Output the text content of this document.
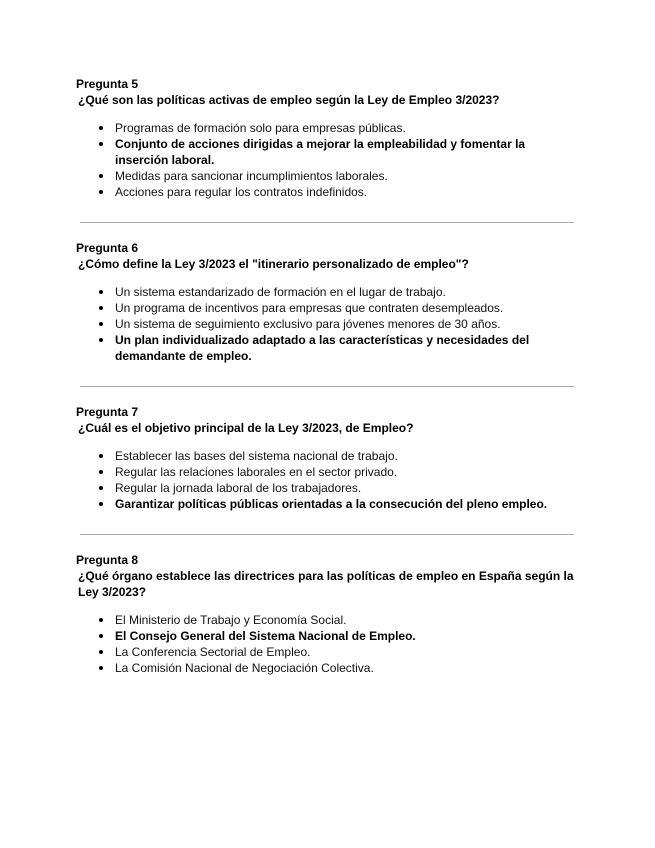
Pregunta 5
¿Qué son las políticas activas de empleo según la Ley de Empleo 3/2023?
Programas de formación solo para empresas públicas.
Conjunto de acciones dirigidas a mejorar la empleabilidad y fomentar la inserción laboral.
Medidas para sancionar incumplimientos laborales.
Acciones para regular los contratos indefinidos.
Pregunta 6
¿Cómo define la Ley 3/2023 el "itinerario personalizado de empleo"?
Un sistema estandarizado de formación en el lugar de trabajo.
Un programa de incentivos para empresas que contraten desempleados.
Un sistema de seguimiento exclusivo para jóvenes menores de 30 años.
Un plan individualizado adaptado a las características y necesidades del demandante de empleo.
Pregunta 7
¿Cuál es el objetivo principal de la Ley 3/2023, de Empleo?
Establecer las bases del sistema nacional de trabajo.
Regular las relaciones laborales en el sector privado.
Regular la jornada laboral de los trabajadores.
Garantizar políticas públicas orientadas a la consecución del pleno empleo.
Pregunta 8
¿Qué órgano establece las directrices para las políticas de empleo en España según la Ley 3/2023?
El Ministerio de Trabajo y Economía Social.
El Consejo General del Sistema Nacional de Empleo.
La Conferencia Sectorial de Empleo.
La Comisión Nacional de Negociación Colectiva.
